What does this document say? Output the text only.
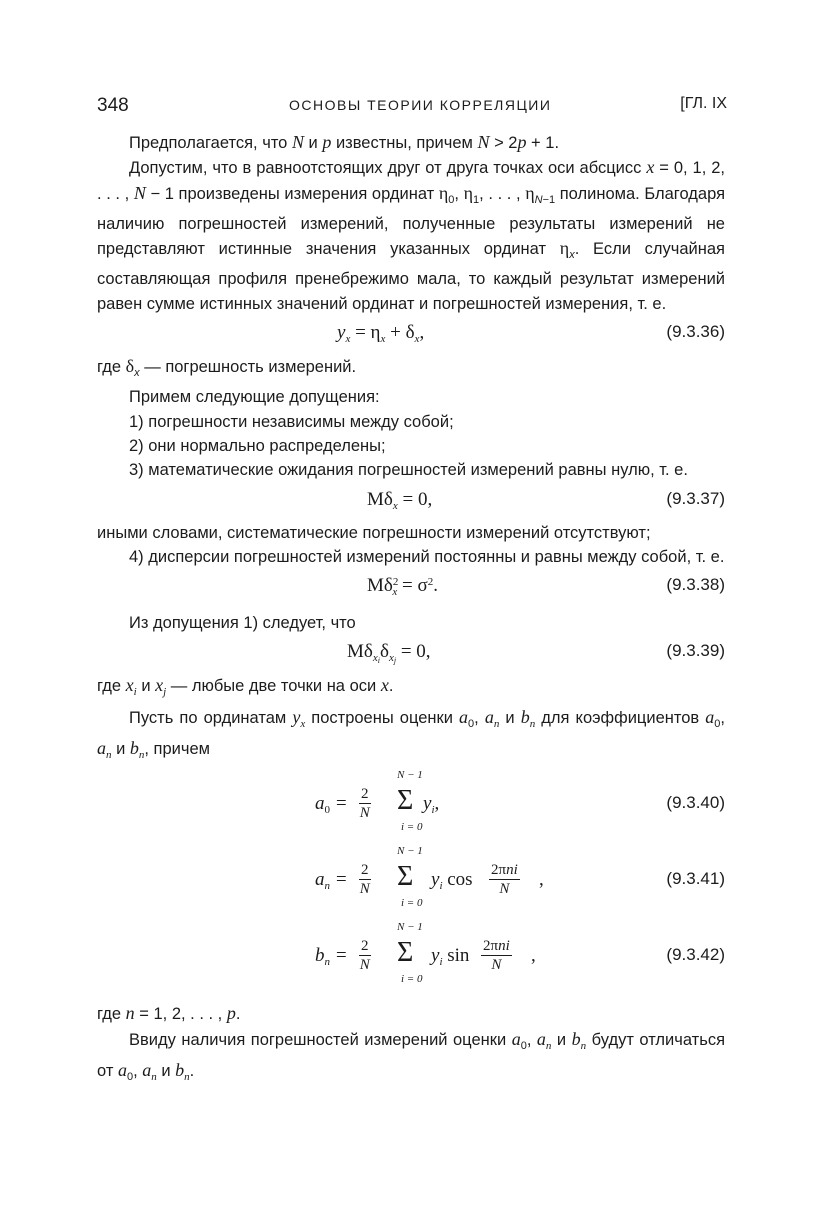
348	ОСНОВЫ ТЕОРИИ КОРРЕЛЯЦИИ	[ГЛ. IX

Предполагается, что N и p известны, причем N > 2p + 1.

Допустим, что в равноотстоящих друг от друга точках оси абсцисс x = 0, 1, 2, . . . , N − 1 произведены измерения ординат $\eta_0$, $\eta_1$, . . . , $\eta_{N-1}$ полинома. Благодаря наличию погрешностей измерений, полученные результаты измерений не представляют истинные значения указанных ординат $\eta_x$. Если случайная составляющая профиля пренебрежимо мала, то каждый результат измерений равен сумме истинных значений ординат и погрешностей измерения, т. е.

$y_x = \eta_x + \delta_x$,	(9.3.36)

где $\delta_x$ — погрешность измерений.

Примем следующие допущения:

1) погрешности независимы между собой;

2) они нормально распределены;

3) математические ожидания погрешностей измерений равны нулю, т. е.

$M\delta_x = 0$,	(9.3.37)

иными словами, систематические погрешности измерений отсутствуют;

4) дисперсии погрешностей измерений постоянны и равны между собой, т. е.

$M\delta^2_x = \sigma^2$.	(9.3.38)

Из допущения 1) следует, что

$M\delta_{x_i}\delta_{x_j} = 0$,	(9.3.39)

где $x_i$ и $x_j$ — любые две точки на оси x.

Пусть по ординатам $y_x$ построены оценки $a_0$, $a_n$ и $b_n$ для коэффициентов $a_0$, $a_n$ и $b_n$, причем

$a_0 = \frac{2}{N}$
N − 1
Σ
i = 0
$y_i$,	(9.3.40)
$a_n = \frac{2}{N}$
N − 1
Σ
i = 0
$y_i$ cos 2πni
N	,	(9.3.41)
$b_n = \frac{2}{N}$
N − 1
Σ
i = 0
$y_i$ sin 2πni
N	,	(9.3.42)

где n = 1, 2, . . . , p.

Ввиду наличия погрешностей измерений оценки $a_0$, $a_n$ и $b_n$ будут отличаться от $a_0$, $a_n$ и $b_n$.
